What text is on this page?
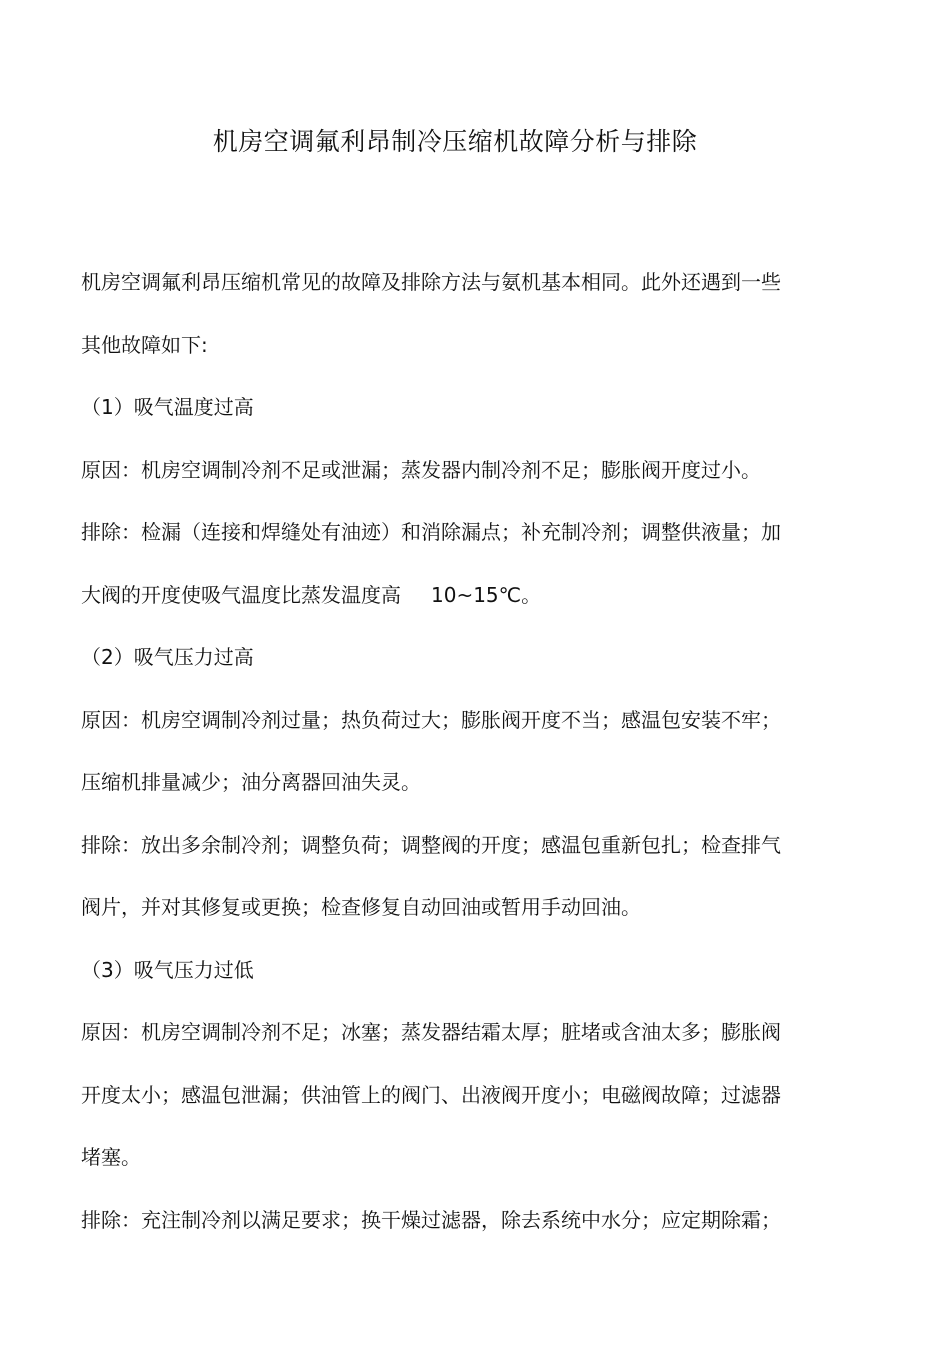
机房空调氟利昂制冷压缩机故障分析与排除
机房空调氟利昂压缩机常见的故障及排除方法与氨机基本相同。此外还遇到一些
其他故障如下:
（1）吸气温度过高
原因：机房空调制冷剂不足或泄漏；蒸发器内制冷剂不足；膨胀阀开度过小。
排除：检漏（连接和焊缝处有油迹）和消除漏点；补充制冷剂；调整供液量；加
大阀的开度使吸气温度比蒸发温度高 10~15℃。
（2）吸气压力过高
原因：机房空调制冷剂过量；热负荷过大；膨胀阀开度不当；感温包安装不牢；
压缩机排量减少；油分离器回油失灵。
排除：放出多余制冷剂；调整负荷；调整阀的开度；感温包重新包扎；检查排气
阀片，并对其修复或更换；检查修复自动回油或暂用手动回油。
（3）吸气压力过低
原因：机房空调制冷剂不足；冰塞；蒸发器结霜太厚；脏堵或含油太多；膨胀阀
开度太小；感温包泄漏；供油管上的阀门、出液阀开度小；电磁阀故障；过滤器
堵塞。
排除：充注制冷剂以满足要求；换干燥过滤器，除去系统中水分；应定期除霜；
